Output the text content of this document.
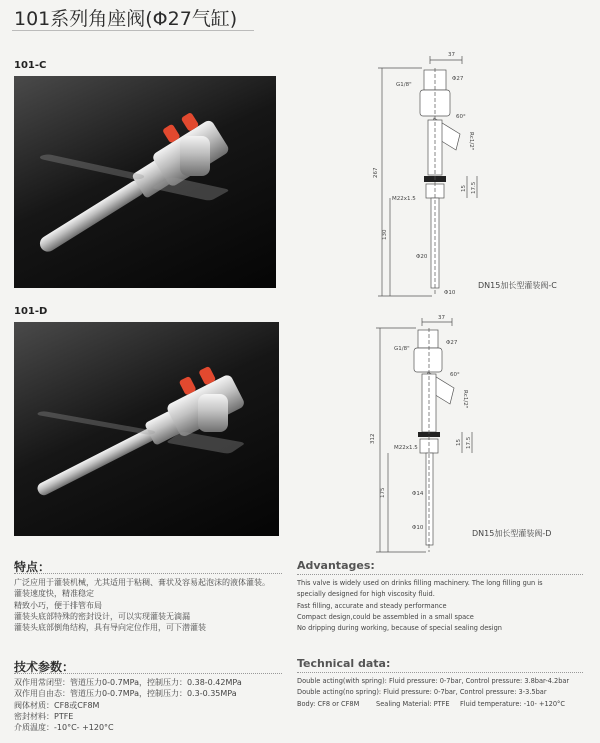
101系列角座阀(Φ27气缸)
101-C
37
G1/8"
Φ27
60°
Rc1/2"
267
M22x1.5
15 17.5
130
Φ20
Φ10
DN15加长型灌装阀-C
101-D
37
G1/8"
Φ27
60°
Rc1/2"
312
M22x1.5
15 17.5
175	Φ14
Φ10
DN15加长型灌装阀-D
特点：
广泛应用于灌装机械，尤其适用于粘稠、膏状及容易起泡沫的液体灌装。
灌装速度快，精准稳定
精致小巧，便于排管布局
灌装头底部特殊的密封设计，可以实现灌装无滴漏
灌装头底部倒角结构，具有导向定位作用，可下潜灌装
技术参数：
双作用常闭型：管道压力0-0.7MPa，控制压力：0.38-0.42MPa
双作用自由态：管道压力0-0.7MPa，控制压力：0.3-0.35MPa
阀体材质：CF8或CF8M
密封材料：PTFE
介质温度：-10°C- +120°C
Advantages:
This valve is widely used on drinks filling machinery. The long filling gun is
specially designed for high viscosity fluid.
Fast filling, accurate and steady performance
Compact design,could be assembled in a small space
No dripping during working, because of special sealing design
Technical data:
Double acting(with spring): Fluid pressure: 0-7bar, Control pressure: 3.8bar-4.2bar
Double acting(no spring): Fluid pressure: 0-7bar, Control pressure: 3-3.5bar
Body: CF8 or CF8M        Sealing Material: PTFE     Fluid temperature: -10- +120°C
